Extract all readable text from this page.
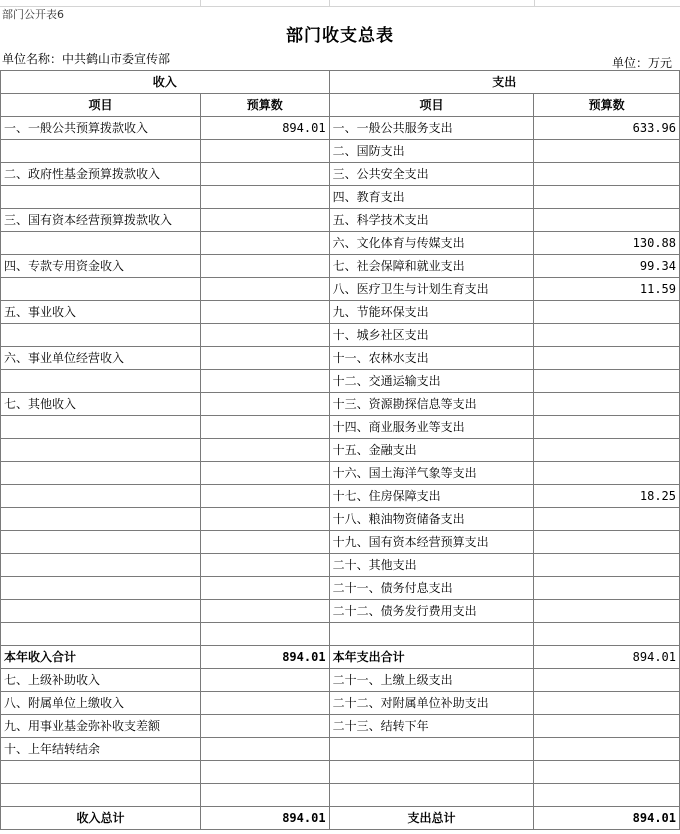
部门公开表6
部门收支总表
单位名称：中共鹤山市委宣传部	单位：万元
收入		支出	
项目	预算数	项目	预算数
一、一般公共预算拨款收入	894.01	一、一般公共服务支出	633.96
		二、国防支出	
二、政府性基金预算拨款收入		三、公共安全支出	
		四、教育支出	
三、国有资本经营预算拨款收入		五、科学技术支出	
		六、文化体育与传媒支出	130.88
四、专款专用资金收入		七、社会保障和就业支出	99.34
		八、医疗卫生与计划生育支出	11.59
五、事业收入		九、节能环保支出	
		十、城乡社区支出	
六、事业单位经营收入		十一、农林水支出	
		十二、交通运输支出	
七、其他收入		十三、资源勘探信息等支出	
		十四、商业服务业等支出	
		十五、金融支出	
		十六、国土海洋气象等支出	
		十七、住房保障支出	18.25
		十八、粮油物资储备支出	
		十九、国有资本经营预算支出	
		二十、其他支出	
		二十一、债务付息支出	
		二十二、债务发行费用支出	

本年收入合计	894.01	本年支出合计	894.01
七、上级补助收入		二十一、上缴上级支出	
八、附属单位上缴收入		二十二、对附属单位补助支出	
九、用事业基金弥补收支差额		二十三、结转下年	
十、上年结转结余			

收入总计	894.01	支出总计	894.01
